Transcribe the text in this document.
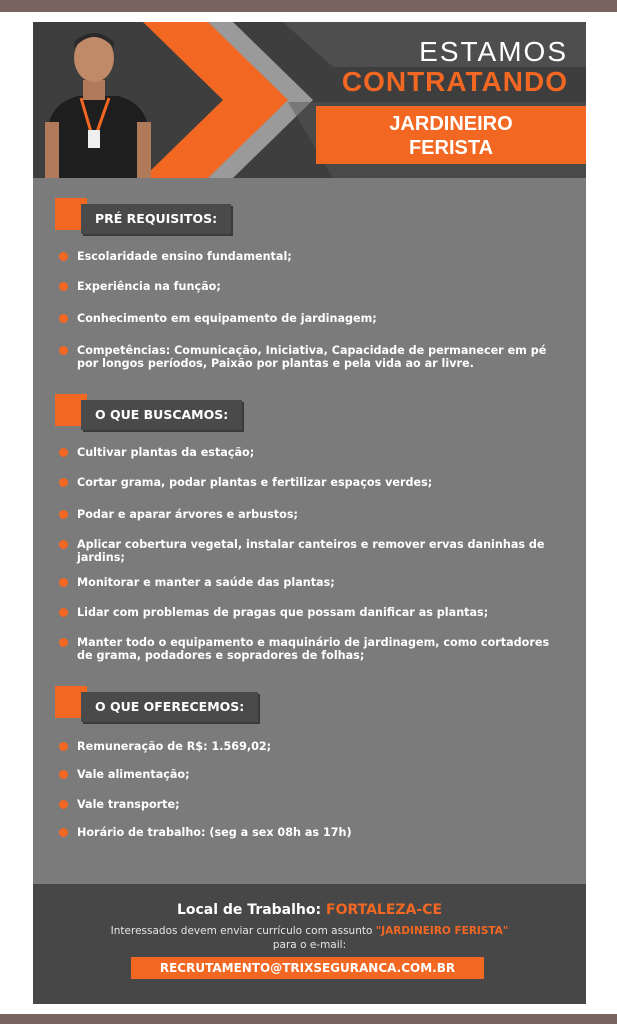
ESTAMOS
CONTRATANDO
JARDINEIRO
FERISTA
PRÉ REQUISITOS:
Escolaridade ensino fundamental;
Experiência na função;
Conhecimento em equipamento de jardinagem;
Competências: Comunicação, Iniciativa, Capacidade de permanecer em pé por longos períodos, Paixão por plantas e pela vida ao ar livre.
O QUE BUSCAMOS:
Cultivar plantas da estação;
Cortar grama, podar plantas e fertilizar espaços verdes;
Podar e aparar árvores e arbustos;
Aplicar cobertura vegetal, instalar canteiros e remover ervas daninhas de jardins;
Monitorar e manter a saúde das plantas;
Lidar com problemas de pragas que possam danificar as plantas;
Manter todo o equipamento e maquinário de jardinagem, como cortadores de grama, podadores e sopradores de folhas;
O QUE OFERECEMOS:
Remuneração de R$: 1.569,02;
Vale alimentação;
Vale transporte;
Horário de trabalho: (seg a sex 08h as 17h)
Local de Trabalho: FORTALEZA-CE
Interessados devem enviar currículo com assunto "JARDINEIRO FERISTA"
para o e-mail:
RECRUTAMENTO@TRIXSEGURANCA.COM.BR
